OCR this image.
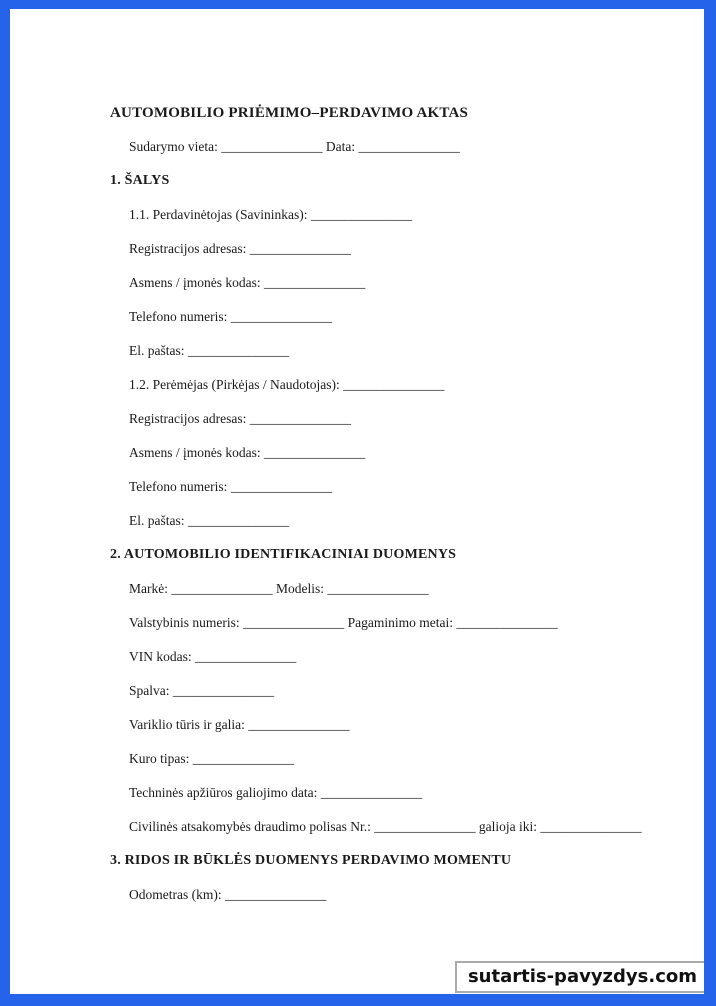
AUTOMOBILIO PRIĖMIMO–PERDAVIMO AKTAS

Sudarymo vieta: _______________ Data: _______________

1. ŠALYS

1.1. Perdavinėtojas (Savininkas): _______________

Registracijos adresas: _______________

Asmens / įmonės kodas: _______________

Telefono numeris: _______________

El. paštas: _______________

1.2. Perėmėjas (Pirkėjas / Naudotojas): _______________

Registracijos adresas: _______________

Asmens / įmonės kodas: _______________

Telefono numeris: _______________

El. paštas: _______________

2. AUTOMOBILIO IDENTIFIKACINIAI DUOMENYS

Markė: _______________ Modelis: _______________

Valstybinis numeris: _______________ Pagaminimo metai: _______________

VIN kodas: _______________

Spalva: _______________

Variklio tūris ir galia: _______________

Kuro tipas: _______________

Techninės apžiūros galiojimo data: _______________

Civilinės atsakomybės draudimo polisas Nr.: _______________ galioja iki: _______________

3. RIDOS IR BŪKLĖS DUOMENYS PERDAVIMO MOMENTU

Odometras (km): _______________

sutartis-pavyzdys.com
